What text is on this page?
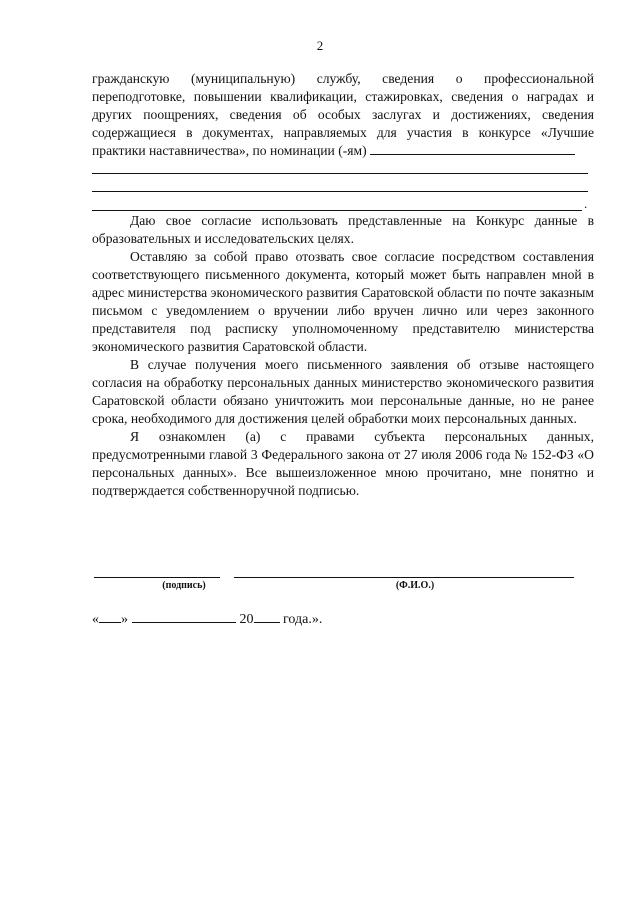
2

гражданскую (муниципальную) службу, сведения о профессиональной переподготовке, повышении квалификации, стажировках, сведения о наградах и других поощрениях, сведения об особых заслугах и достижениях, сведения содержащиеся в документах, направляемых для участия в конкурсе «Лучшие практики наставничества», по номинации (-ям)

.

Даю свое согласие использовать представленные на Конкурс данные в образовательных и исследовательских целях.

Оставляю за собой право отозвать свое согласие посредством составления соответствующего письменного документа, который может быть направлен мной в адрес министерства экономического развития Саратовской области по почте заказным письмом с уведомлением о вручении либо вручен лично или через законного представителя под расписку уполномоченному представителю министерства экономического развития Саратовской области.

В случае получения моего письменного заявления об отзыве настоящего согласия на обработку персональных данных министерство экономического развития Саратовской области обязано уничтожить мои персональные данные, но не ранее срока, необходимого для достижения целей обработки моих персональных данных.

Я ознакомлен (а) с правами субъекта персональных данных, предусмотренными главой 3 Федерального закона от 27 июля 2006 года № 152-ФЗ «О персональных данных». Все вышеизложенное мною прочитано, мне понятно и подтверждается собственноручной подписью.

(подпись)	(Ф.И.О.)
« »	20 года.».
